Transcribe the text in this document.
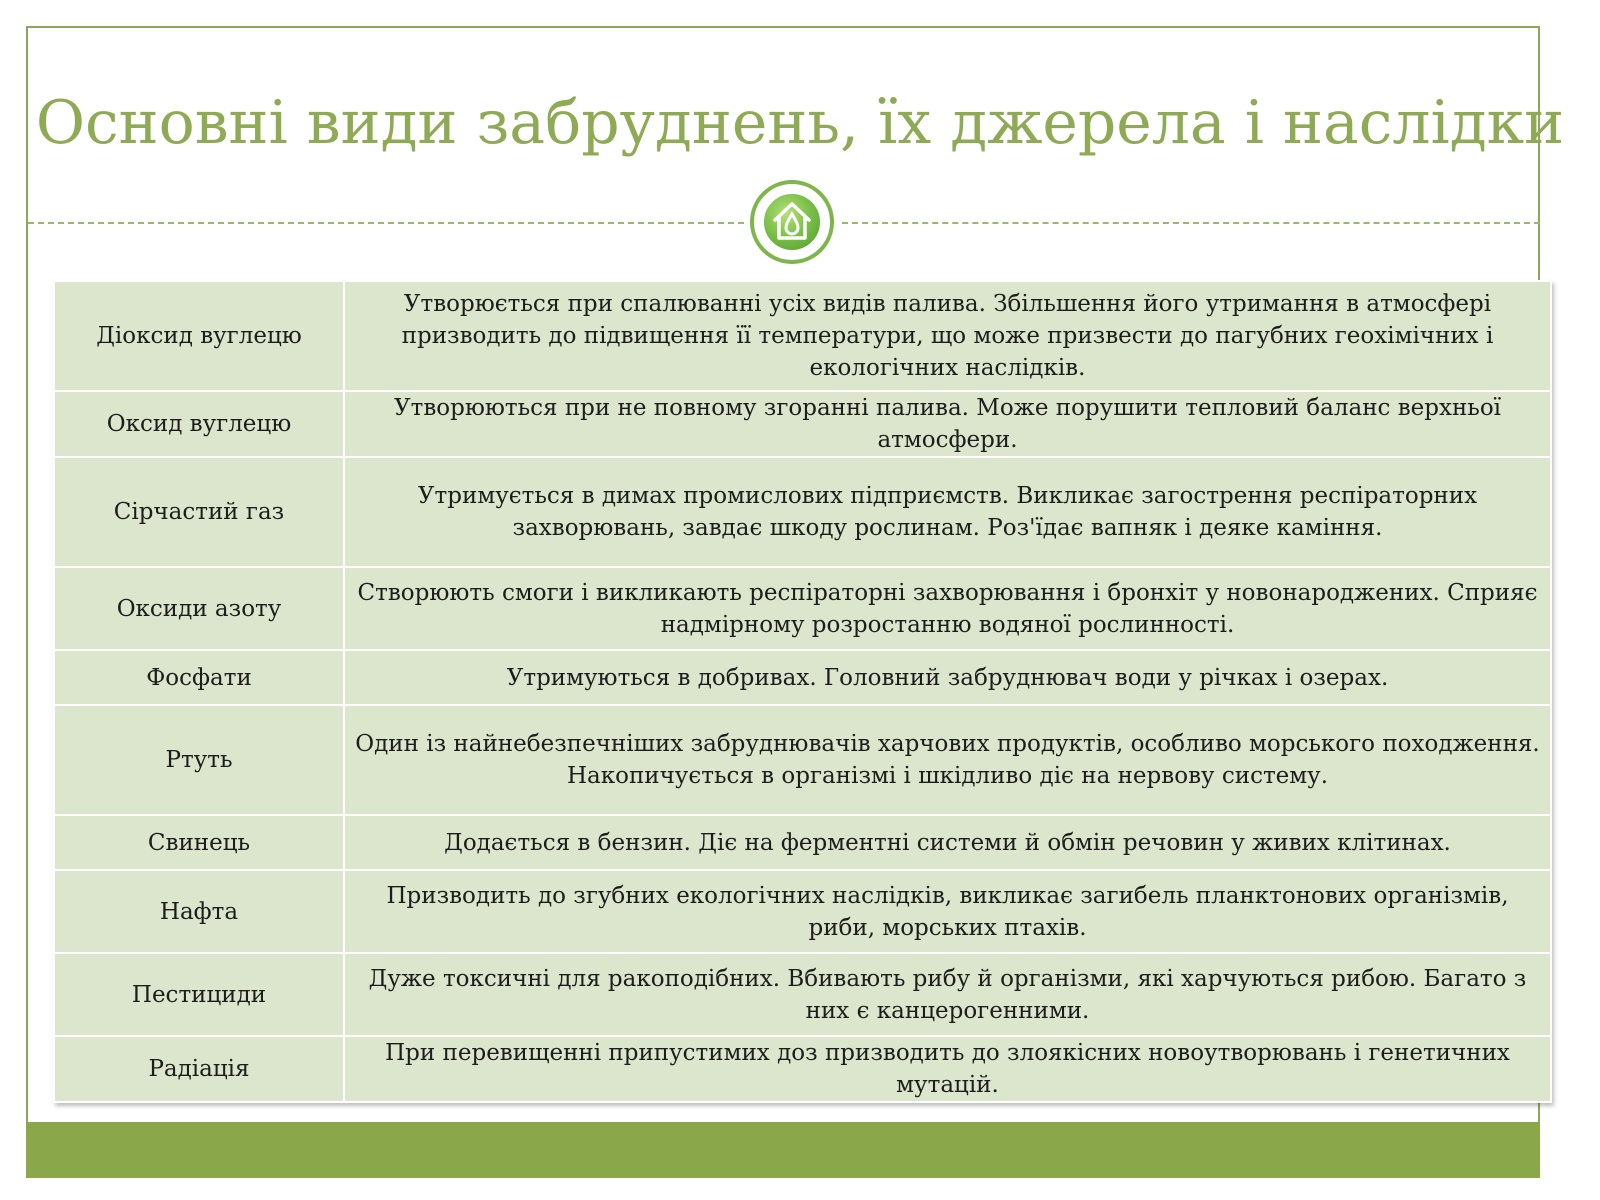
Основні види забруднень, їх джерела і наслідки
Діоксид вуглецю	Утворюється при спалюванні усіх видів палива. Збільшення його утримання в атмосфері призводить до підвищення її температури, що може призвести до пагубних геохімічних і екологічних наслідків.
Оксид вуглецю	Утворюються при не повному згоранні палива. Може порушити тепловий баланс верхньої атмосфери.
Сірчастий газ	Утримується в димах промислових підприємств. Викликає загострення респіраторних захворювань, завдає шкоду рослинам. Роз'їдає вапняк і деяке каміння.
Оксиди азоту	Створюють смоги і викликають респіраторні захворювання і бронхіт у новонароджених. Сприяє надмірному розростанню водяної рослинності.
Фосфати	Утримуються в добривах. Головний забруднювач води у річках і озерах.
Ртуть	Один із найнебезпечніших забруднювачів харчових продуктів, особливо морського походження. Накопичується в організмі і шкідливо діє на нервову систему.
Свинець	Додається в бензин. Діє на ферментні системи й обмін речовин у живих клітинах.
Нафта	Призводить до згубних екологічних наслідків, викликає загибель планктонових організмів, риби, морських птахів.
Пестициди	Дуже токсичні для ракоподібних. Вбивають рибу й організми, які харчуються рибою. Багато з них є канцерогенними.
Радіація	При перевищенні припустимих доз призводить до злоякісних новоутворювань і генетичних мутацій.
